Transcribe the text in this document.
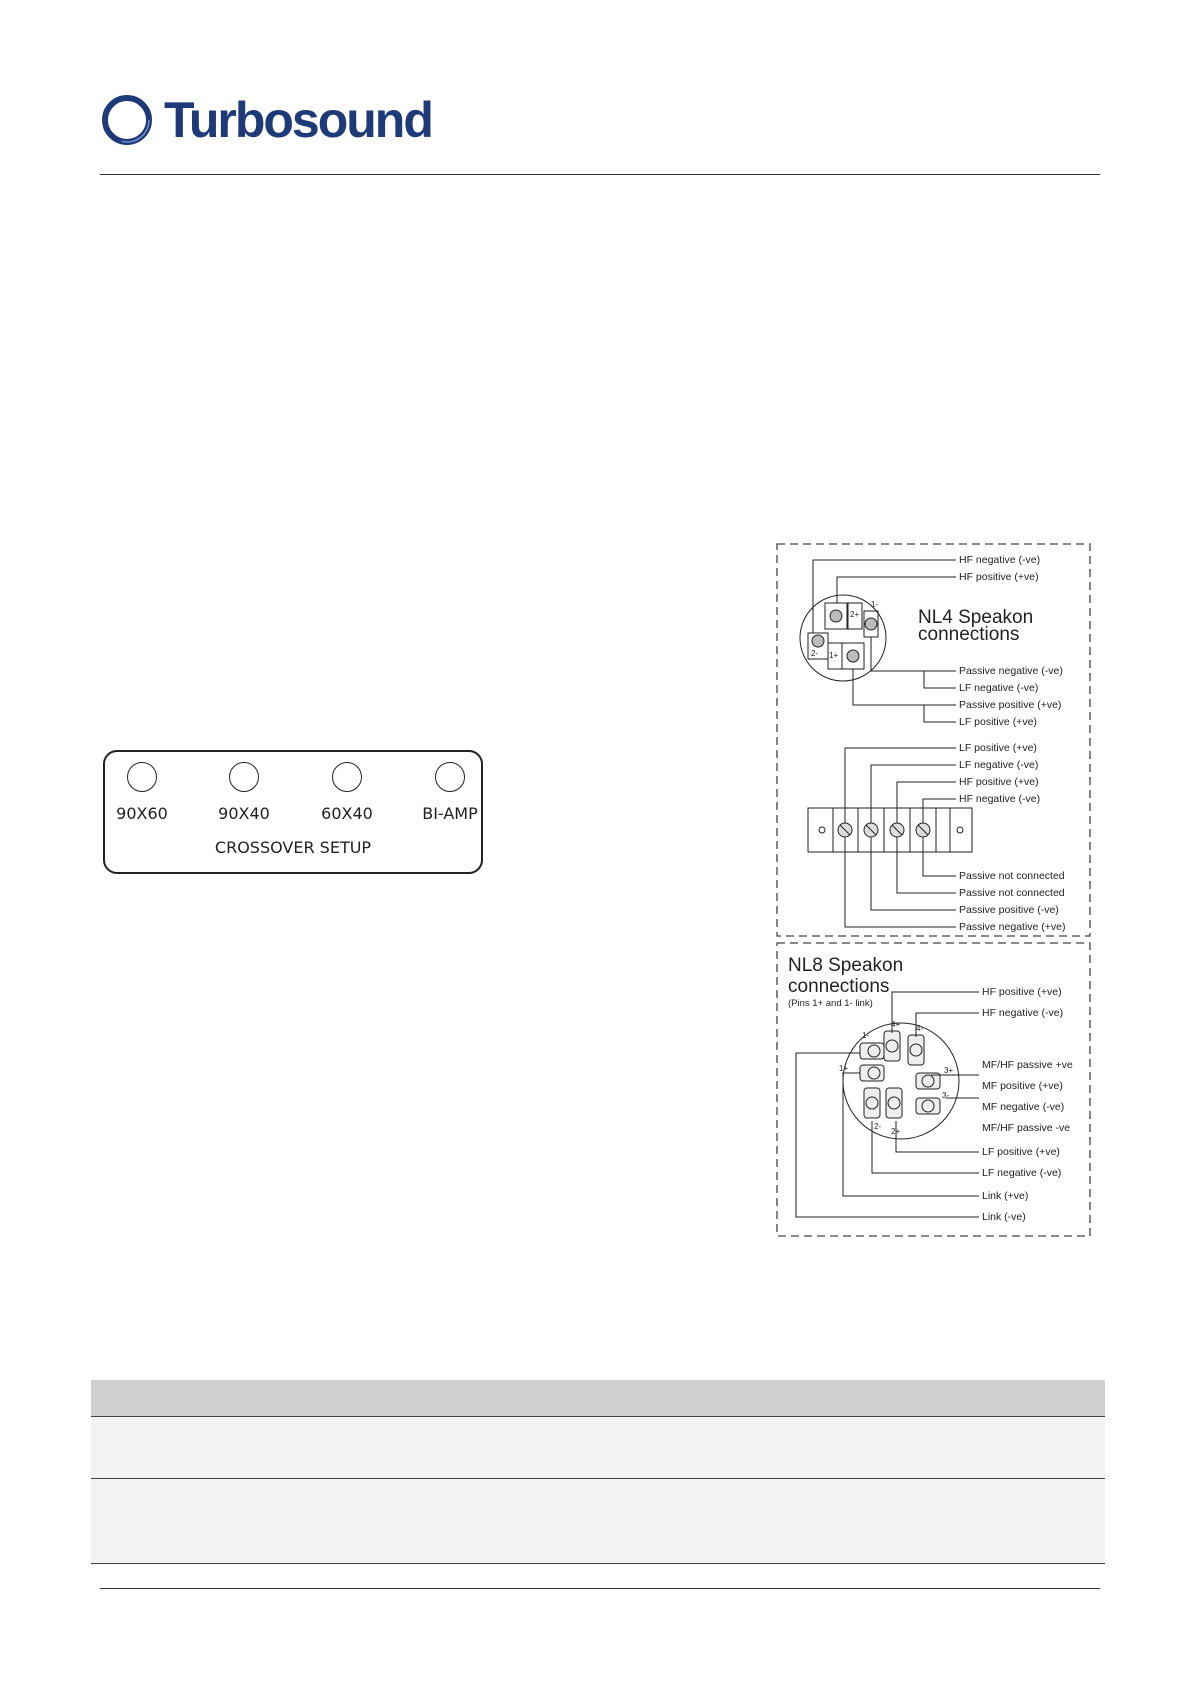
Turbosound
90X60	90X40	60X40	BI-AMP
CROSSOVER SETUP
2+
1-
2- 1+
NL4 Speakon
connections
HF negative (-ve)
HF positive (+ve)
Passive negative (-ve)
LF negative (-ve)
Passive positive (+ve)
LF positive (+ve)
LF positive (+ve)
LF negative (-ve)
HF positive (+ve)
HF negative (-ve)
Passive not connected
Passive not connected
Passive positive (-ve)
Passive negative (+ve)
NL8 Speakon
connections
(Pins 1+ and 1- link)
4+ 4-
1-
3+
1+
3-
2-
2+
HF positive (+ve)
HF negative (-ve)
MF/HF passive +ve
MF positive (+ve)
MF negative (-ve)
MF/HF passive -ve
LF positive (+ve)
LF negative (-ve)
Link (+ve)
Link (-ve)
